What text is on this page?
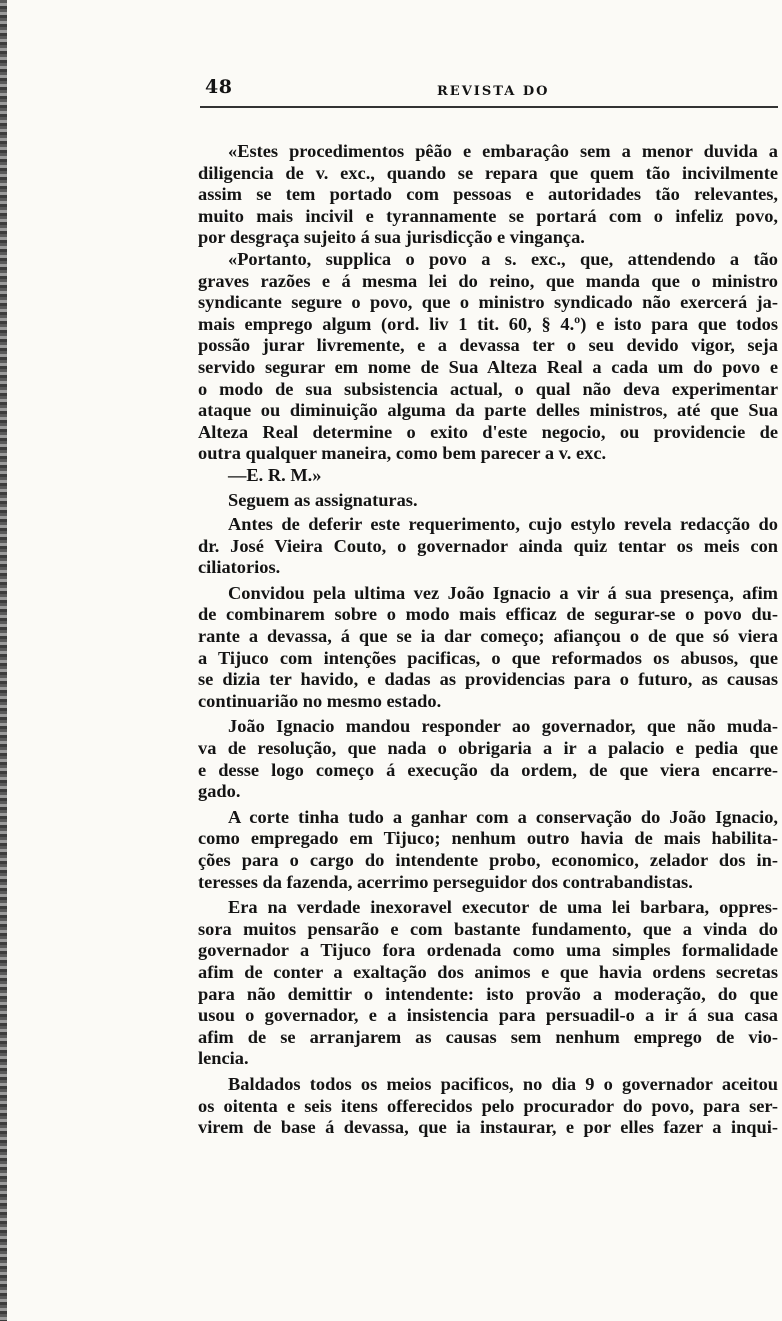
48	REVISTA DO
«Estes procedimentos pêão e embaraçâo sem a menor duvida a
diligencia de v. exc., quando se repara que quem tão incivilmente
assim se tem portado com pessoas e autoridades tão relevantes,
muito mais incivil e tyrannamente se portará com o infeliz povo,
por desgraça sujeito á sua jurisdicção e vingança.
«Portanto, supplica o povo a s. exc., que, attendendo a tão
graves razões e á mesma lei do reino, que manda que o ministro
syndicante segure o povo, que o ministro syndicado não exercerá ja-
mais emprego algum (ord. liv 1 tit. 60, § 4.º) e isto para que todos
possão jurar livremente, e a devassa ter o seu devido vigor, seja
servido segurar em nome de Sua Alteza Real a cada um do povo e
o modo de sua subsistencia actual, o qual não deva experimentar
ataque ou diminuição alguma da parte delles ministros, até que Sua
Alteza Real determine o exito d'este negocio, ou providencie de
outra qualquer maneira, como bem parecer a v. exc.
—E. R. M.»
Seguem as assignaturas.
Antes de deferir este requerimento, cujo estylo revela redacção do
dr. José Vieira Couto, o governador ainda quiz tentar os meis con
ciliatorios.
Convidou pela ultima vez João Ignacio a vir á sua presença, afim
de combinarem sobre o modo mais efficaz de segurar-se o povo du-
rante a devassa, á que se ia dar começo; afiançou o de que só viera
a Tijuco com intenções pacificas, o que reformados os abusos, que
se dizia ter havido, e dadas as providencias para o futuro, as causas
continuarião no mesmo estado.
João Ignacio mandou responder ao governador, que não muda-
va de resolução, que nada o obrigaria a ir a palacio e pedia que
e desse logo começo á execução da ordem, de que viera encarre-
gado.
A corte tinha tudo a ganhar com a conservação do João Ignacio,
como empregado em Tijuco; nenhum outro havia de mais habilita-
ções para o cargo do intendente probo, economico, zelador dos in-
teresses da fazenda, acerrimo perseguidor dos contrabandistas.
Era na verdade inexoravel executor de uma lei barbara, oppres-
sora muitos pensarão e com bastante fundamento, que a vinda do
governador a Tijuco fora ordenada como uma simples formalidade
afim de conter a exaltação dos animos e que havia ordens secretas
para não demittir o intendente: isto provão a moderação, do que
usou o governador, e a insistencia para persuadil-o a ir á sua casa
afim de se arranjarem as causas sem nenhum emprego de vio-
lencia.
Baldados todos os meios pacificos, no dia 9 o governador aceitou
os oitenta e seis itens offerecidos pelo procurador do povo, para ser-
virem de base á devassa, que ia instaurar, e por elles fazer a inqui-
